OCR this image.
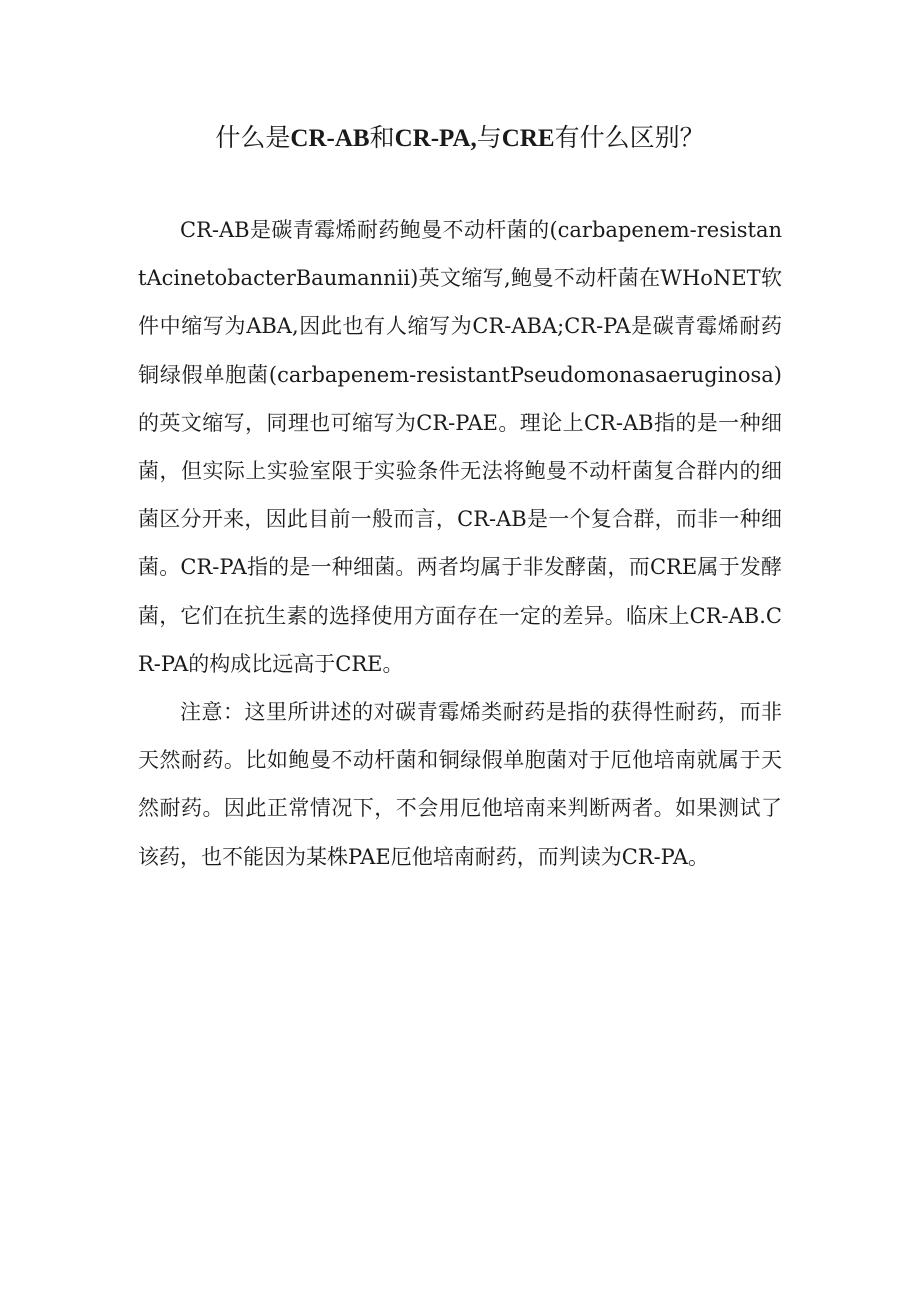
什么是CR-AB和CR-PA,与CRE有什么区别？

CR-AB是碳青霉烯耐药鲍曼不动杆菌的(carbapenem-resistantAcinetobacterBaumannii)英文缩写,鲍曼不动杆菌在WHoNET软件中缩写为ABA,因此也有人缩写为CR-ABA;CR-PA是碳青霉烯耐药铜绿假单胞菌(carbapenem-resistantPseudomonasaeruginosa)的英文缩写，同理也可缩写为CR-PAE。理论上CR-AB指的是一种细菌，但实际上实验室限于实验条件无法将鲍曼不动杆菌复合群内的细菌区分开来，因此目前一般而言，CR-AB是一个复合群，而非一种细菌。CR-PA指的是一种细菌。两者均属于非发酵菌，而CRE属于发酵菌，它们在抗生素的选择使用方面存在一定的差异。临床上CR-AB.CR-PA的构成比远高于CRE。

注意：这里所讲述的对碳青霉烯类耐药是指的获得性耐药，而非天然耐药。比如鲍曼不动杆菌和铜绿假单胞菌对于厄他培南就属于天然耐药。因此正常情况下，不会用厄他培南来判断两者。如果测试了该药，也不能因为某株PAE厄他培南耐药，而判读为CR-PA。
